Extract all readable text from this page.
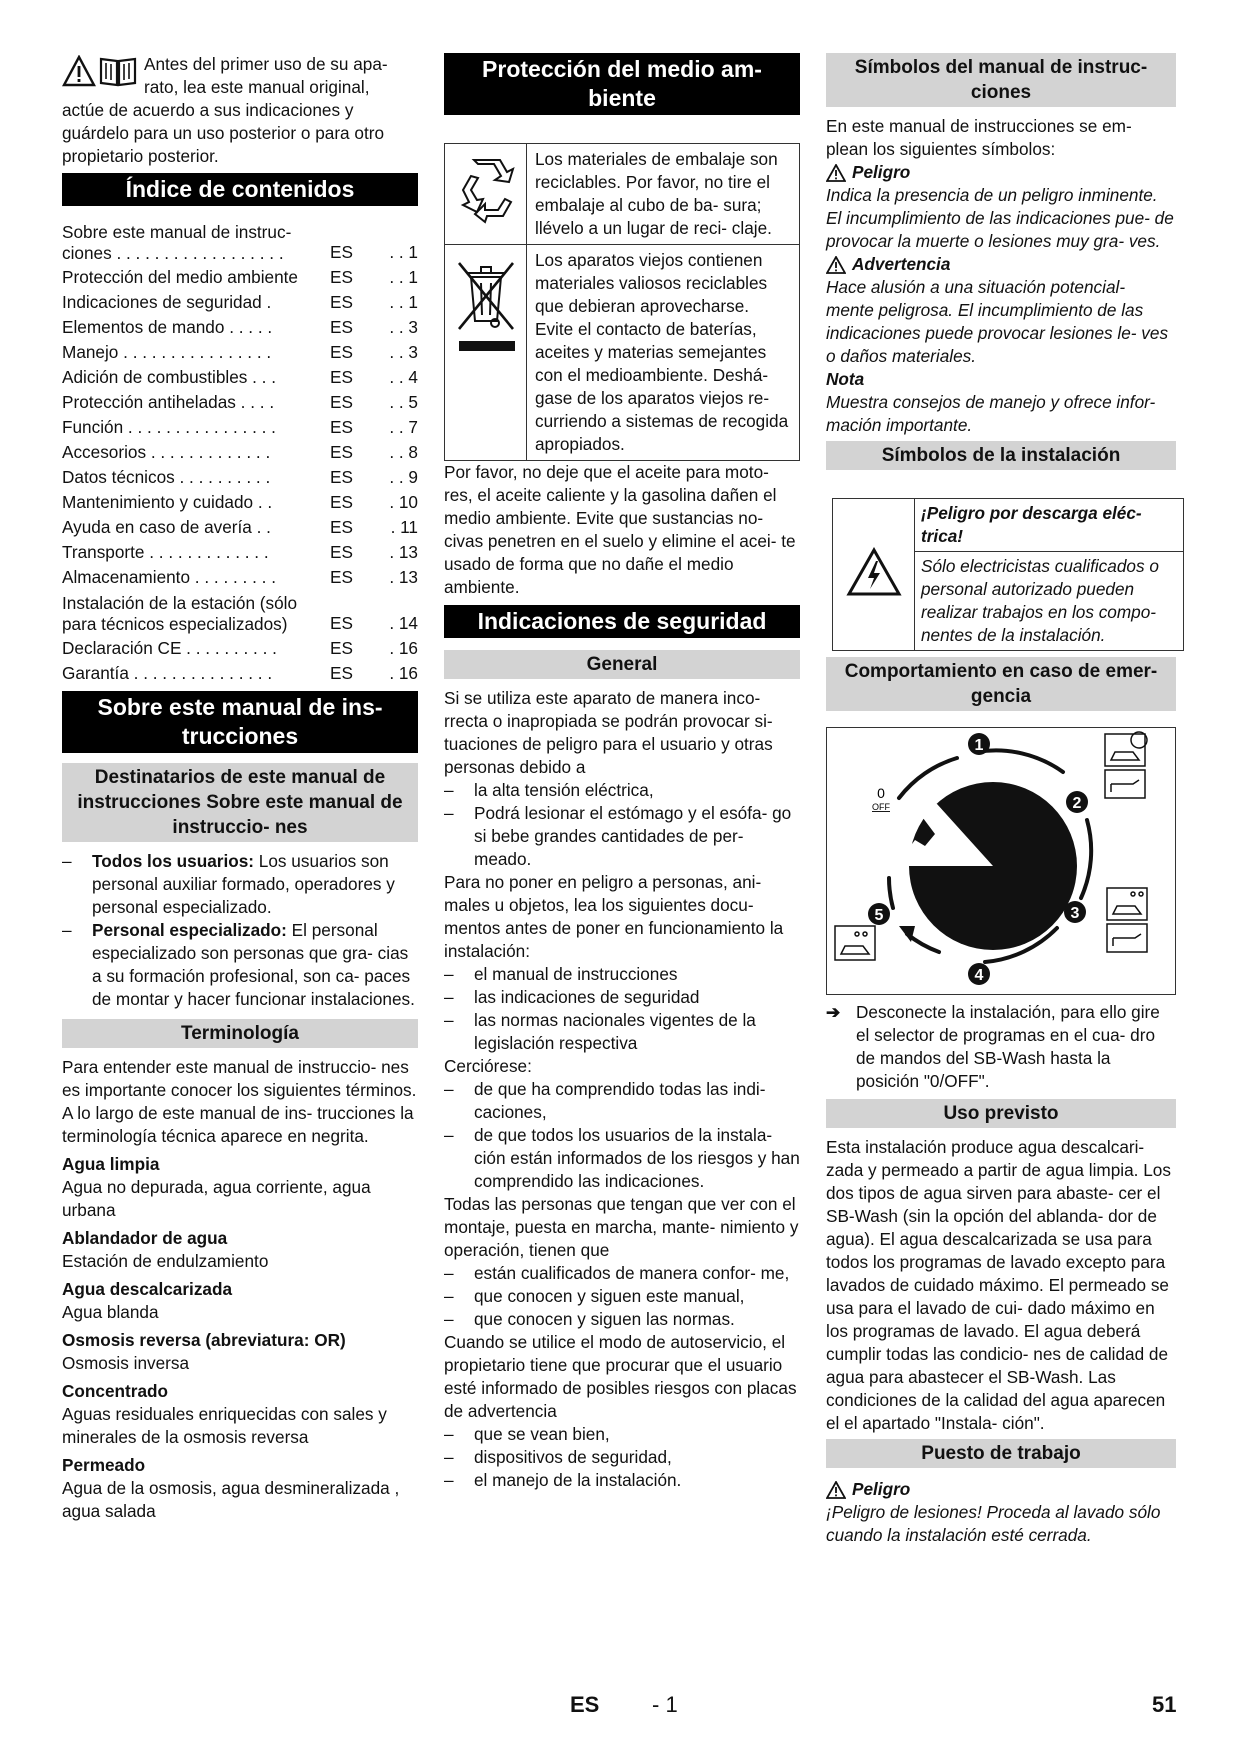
Antes del primer uso de su apa-
rato, lea este manual original,
actúe de acuerdo a sus indicaciones y guárdelo para un uso posterior o para otro propietario posterior.
Índice de contenidos
Sobre este manual de instruc- ciones . . . . . . . . . . . . . . . . . .	ES	. . 1
Protección del medio ambiente	ES	. . 1
Indicaciones de seguridad .	ES	. . 1
Elementos de mando . . . . .	ES	. . 3
Manejo . . . . . . . . . . . . . . . .	ES	. . 3
Adición de combustibles . . .	ES	. . 4
Protección antiheladas . . . .	ES	. . 5
Función . . . . . . . . . . . . . . . .	ES	. . 7
Accesorios . . . . . . . . . . . . .	ES	. . 8
Datos técnicos . . . . . . . . . .	ES	. . 9
Mantenimiento y cuidado . .	ES	. 10
Ayuda en caso de avería . .	ES	. 11
Transporte . . . . . . . . . . . . .	ES	. 13
Almacenamiento . . . . . . . . .	ES	. 13
Instalación de la estación (sólo para técnicos especializados)	ES	. 14
Declaración CE . . . . . . . . . .	ES	. 16
Garantía . . . . . . . . . . . . . . .	ES	. 16
Sobre este manual de ins- trucciones
Destinatarios de este manual de instrucciones Sobre este manual de instruccio- nes
–	Todos los usuarios: Los usuarios son personal auxiliar formado, operadores y personal especializado.
–	Personal especializado: El personal especializado son personas que gra- cias a su formación profesional, son ca- paces de montar y hacer funcionar instalaciones.
Terminología
Para entender este manual de instruccio- nes es importante conocer los siguientes términos. A lo largo de este manual de ins- trucciones la terminología técnica aparece en negrita.
Agua limpia
Agua no depurada, agua corriente, agua urbana
Ablandador de agua
Estación de endulzamiento
Agua descalcarizada
Agua blanda
Osmosis reversa (abreviatura: OR)
Osmosis inversa
Concentrado
Aguas residuales enriquecidas con sales y minerales de la osmosis reversa
Permeado
Agua de la osmosis, agua desmineralizada , agua salada
Protección del medio am- biente
	Los materiales de embalaje son reciclables. Por favor, no tire el embalaje al cubo de ba- sura; llévelo a un lugar de reci- claje.
	Los aparatos viejos contienen materiales valiosos reciclables que debieran aprovecharse. Evite el contacto de baterías, aceites y materias semejantes con el medioambiente. Deshá- gase de los aparatos viejos re- curriendo a sistemas de recogida apropiados.
Por favor, no deje que el aceite para moto- res, el aceite caliente y la gasolina dañen el medio ambiente. Evite que sustancias no- civas penetren en el suelo y elimine el acei- te usado de forma que no dañe el medio ambiente.
Indicaciones de seguridad
General
Si se utiliza este aparato de manera inco- rrecta o inapropiada se podrán provocar si- tuaciones de peligro para el usuario y otras personas debido a
–	la alta tensión eléctrica,
–	Podrá lesionar el estómago y el esófa- go si bebe grandes cantidades de per- meado.
Para no poner en peligro a personas, ani- males u objetos, lea los siguientes docu- mentos antes de poner en funcionamiento la instalación:
–	el manual de instrucciones
–	las indicaciones de seguridad
–	las normas nacionales vigentes de la legislación respectiva
Cerciórese:
–	de que ha comprendido todas las indi- caciones,
–	de que todos los usuarios de la instala- ción están informados de los riesgos y han comprendido las indicaciones.
Todas las personas que tengan que ver con el montaje, puesta en marcha, mante- nimiento y operación, tienen que
–	están cualificados de manera confor- me,
–	que conocen y siguen este manual,
–	que conocen y siguen las normas.
Cuando se utilice el modo de autoservicio, el propietario tiene que procurar que el usuario esté informado de posibles riesgos con placas de advertencia
–	que se vean bien,
–	dispositivos de seguridad,
–	el manejo de la instalación.
Símbolos del manual de instruc- ciones
En este manual de instrucciones se em- plean los siguientes símbolos:
Peligro
Indica la presencia de un peligro inminente. El incumplimiento de las indicaciones pue- de provocar la muerte o lesiones muy gra- ves.
Advertencia
Hace alusión a una situación potencial- mente peligrosa. El incumplimiento de las indicaciones puede provocar lesiones le- ves o daños materiales.
Nota
Muestra consejos de manejo y ofrece infor- mación importante.
Símbolos de la instalación
	¡Peligro por descarga eléc- trica!
Sólo electricistas cualificados o personal autorizado pueden realizar trabajos en los compo- nentes de la instalación.
Comportamiento en caso de emer- gencia
0
OFF
1
2
3
4
5
➔ Desconecte la instalación, para ello gire el selector de programas en el cua- dro de mandos del SB-Wash hasta la posición "0/OFF".
Uso previsto
Esta instalación produce agua descalcari- zada y permeado a partir de agua limpia. Los dos tipos de agua sirven para abaste- cer el SB-Wash (sin la opción del ablanda- dor de agua). El agua descalcarizada se usa para todos los programas de lavado excepto para lavados de cuidado máximo. El permeado se usa para el lavado de cui- dado máximo en los programas de lavado. El agua deberá cumplir todas las condicio- nes de calidad de agua para abastecer el SB-Wash. Las condiciones de la calidad del agua aparecen el el apartado "Instala- ción".
Puesto de trabajo
Peligro
¡Peligro de lesiones! Proceda al lavado sólo cuando la instalación esté cerrada.
ES - 1	51
